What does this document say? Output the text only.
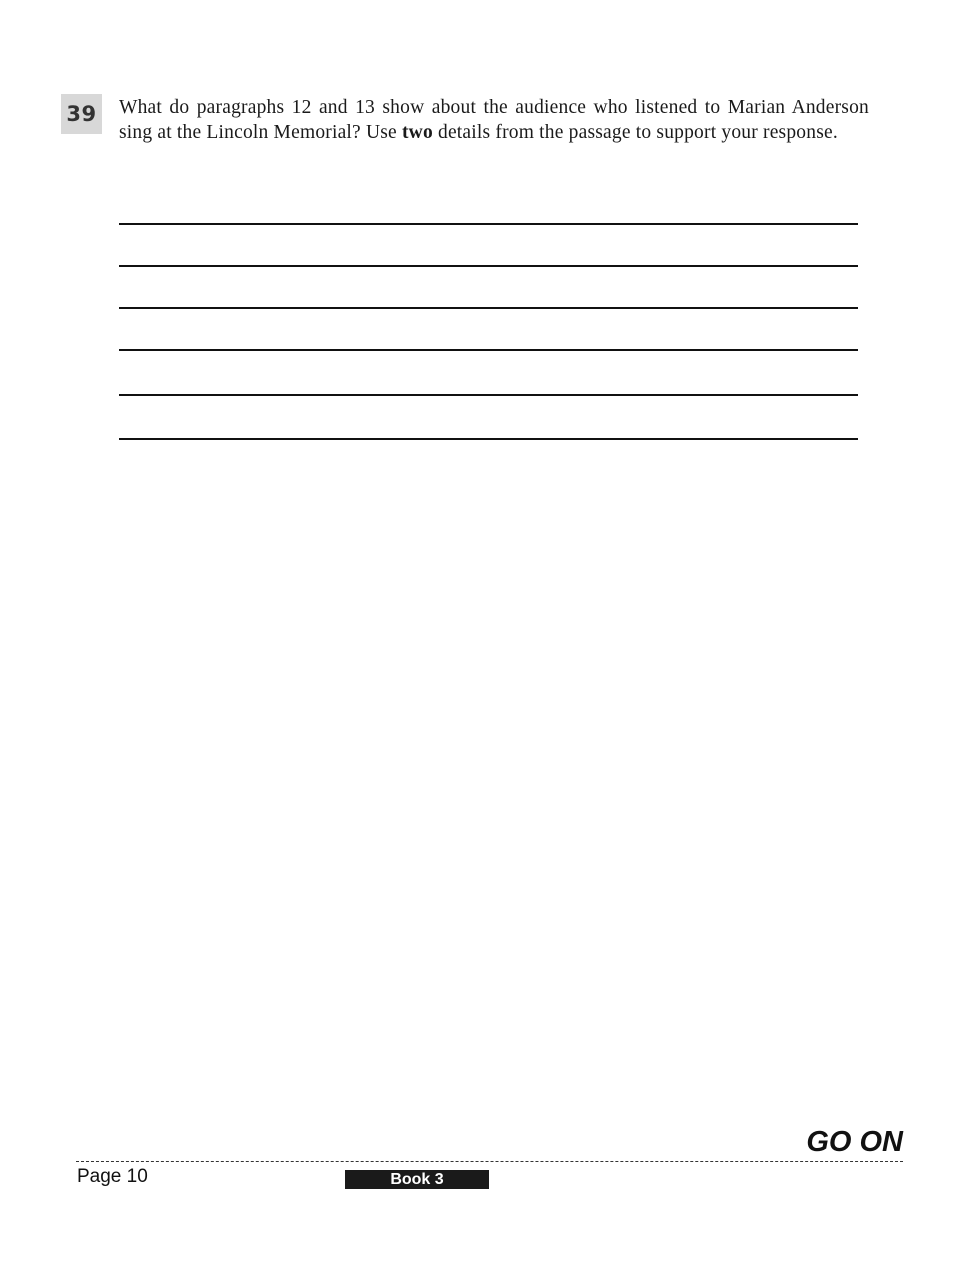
39 What do paragraphs 12 and 13 show about the audience who listened to Marian Anderson sing at the Lincoln Memorial? Use two details from the passage to support your response.
GO ON
Page 10	Book 3
